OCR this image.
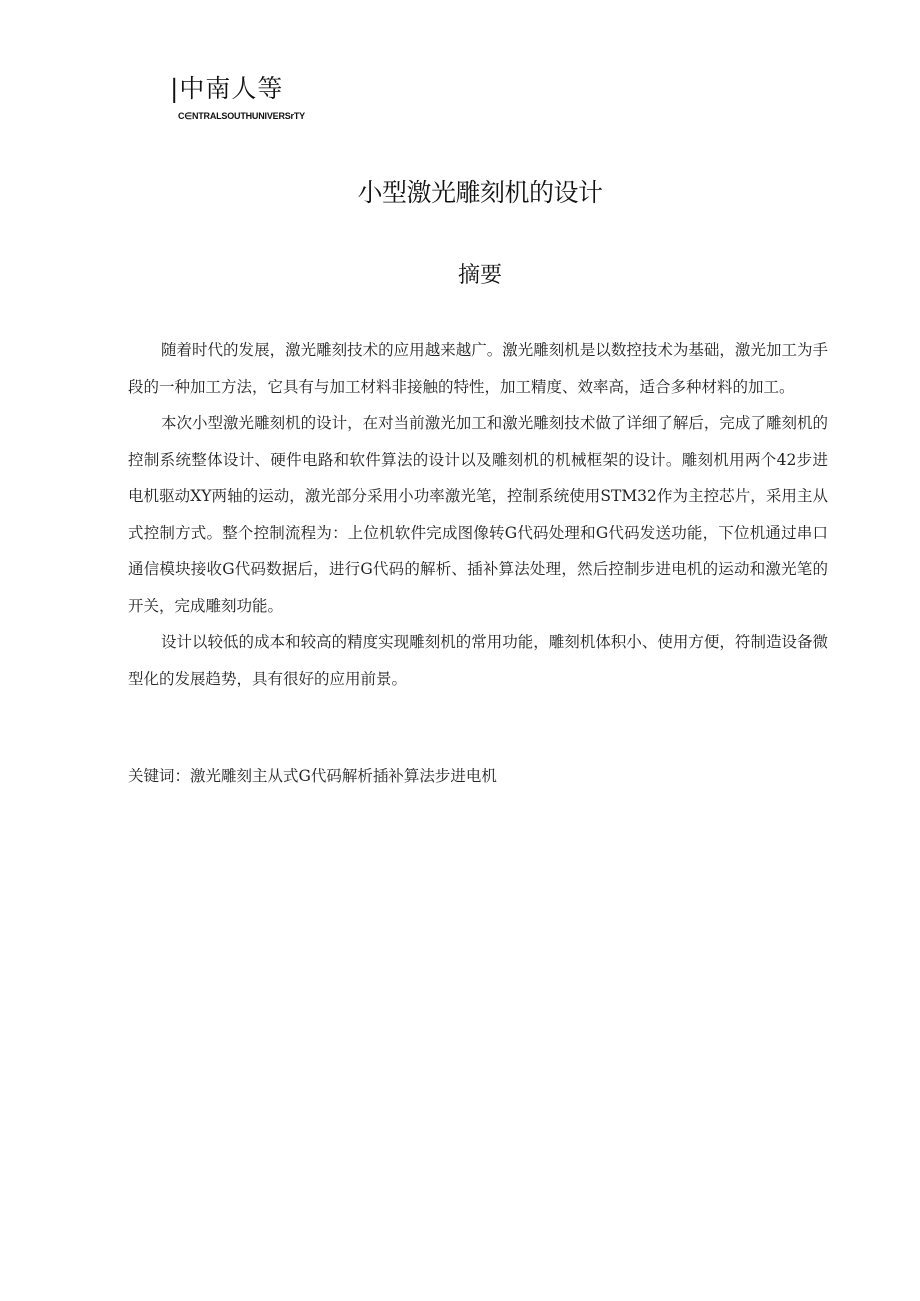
|中南人等
C∈NTRALSOUTHUNIVERSrTY
小型激光雕刻机的设计
摘要

随着时代的发展，激光雕刻技术的应用越来越广。激光雕刻机是以数控技术为基础，激光加工为手段的一种加工方法，它具有与加工材料非接触的特性，加工精度、效率高，适合多种材料的加工。

本次小型激光雕刻机的设计，在对当前激光加工和激光雕刻技术做了详细了解后，完成了雕刻机的控制系统整体设计、硬件电路和软件算法的设计以及雕刻机的机械框架的设计。雕刻机用两个42步进电机驱动XY两轴的运动，激光部分采用小功率激光笔，控制系统使用STM32作为主控芯片，采用主从式控制方式。整个控制流程为：上位机软件完成图像转G代码处理和G代码发送功能，下位机通过串口通信模块接收G代码数据后，进行G代码的解析、插补算法处理，然后控制步进电机的运动和激光笔的开关，完成雕刻功能。

设计以较低的成本和较高的精度实现雕刻机的常用功能，雕刻机体积小、使用方便，符制造设备微型化的发展趋势，具有很好的应用前景。

关键词：激光雕刻主从式G代码解析插补算法步进电机
